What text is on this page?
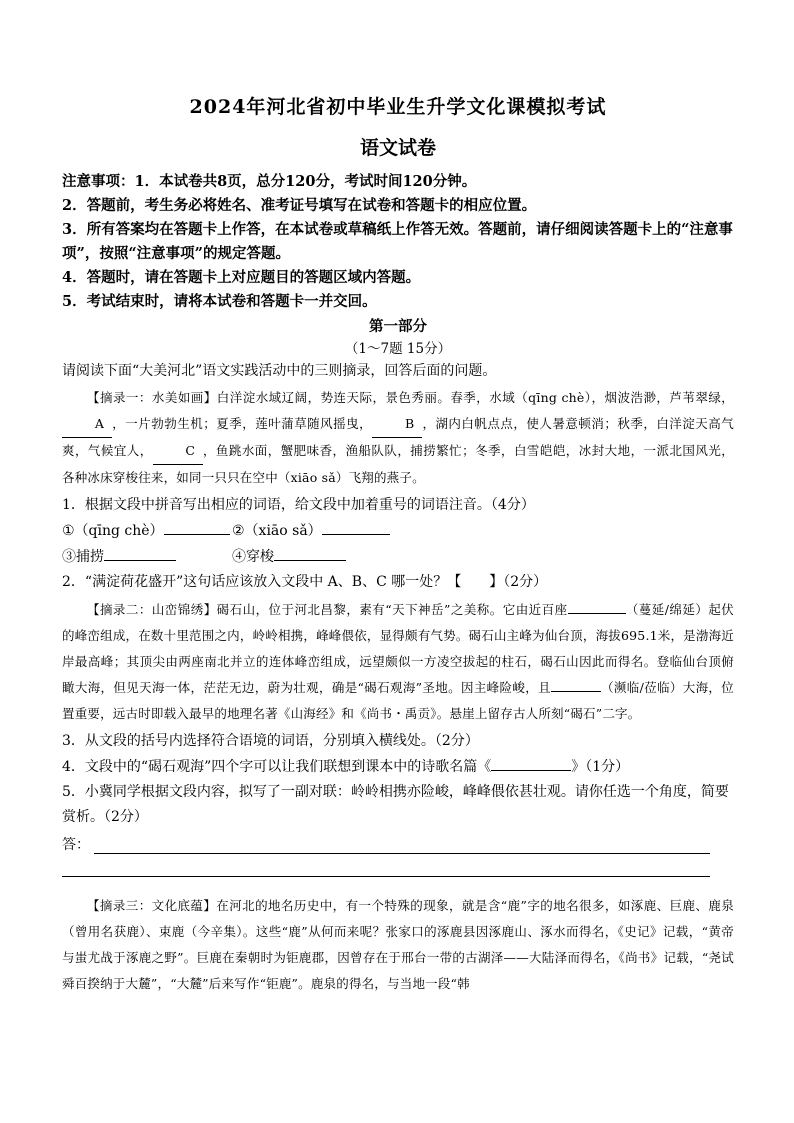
2024年河北省初中毕业生升学文化课模拟考试
语文试卷

注意事项：1．本试卷共8页，总分120分，考试时间120分钟。

2．答题前，考生务必将姓名、准考证号填写在试卷和答题卡的相应位置。

3．所有答案均在答题卡上作答，在本试卷或草稿纸上作答无效。答题前，请仔细阅读答题卡上的“注意事项”，按照“注意事项”的规定答题。

4．答题时，请在答题卡上对应题目的答题区域内答题。

5．考试结束时，请将本试卷和答题卡一并交回。

第一部分
（1～7题 15分）

请阅读下面“大美河北”语文实践活动中的三则摘录，回答后面的问题。

【摘录一：水美如画】白洋淀水域辽阔，势连天际，景色秀丽。春季，水域（qīng chè），烟波浩渺，芦苇翠绿，A ，一片勃勃生机；夏季，莲叶蒲草随风摇曳，	B ，湖内白帆点点，使人暑意顿消；秋季，白洋淀天高气爽，气候宜人，	C ，鱼跳水面，蟹肥味香，渔船队队，捕捞繁忙；冬季，白雪皑皑，冰封大地，一派北国风光，各种冰床穿梭往来，如同一只只在空中（xiāo sǎ）飞翔的燕子。

1．根据文段中拼音写出相应的词语，给文段中加着重号的词语注音。（4分）

①（qīng chè）	②（xiāo sǎ）
③捕捞	④穿梭

2．“满淀荷花盛开”这句话应该放入文段中 A、B、C 哪一处？【　　】（2分）

【摘录二：山峦锦绣】碣石山，位于河北昌黎，素有“天下神岳”之美称。它由近百座	（蔓延/绵延）起伏的峰峦组成，在数十里范围之内，岭岭相携，峰峰偎依，显得颇有气势。碣石山主峰为仙台顶，海拔695.1米，是渤海近岸最高峰；其顶尖由两座南北并立的连体峰峦组成，远望颇似一方凌空拔起的柱石，碣石山因此而得名。登临仙台顶俯瞰大海，但见天海一体，茫茫无边，蔚为壮观，确是“碣石观海”圣地。因主峰险峻，且	（濒临/莅临）大海，位置重要，远古时即载入最早的地理名著《山海经》和《尚书・禹贡》。悬崖上留存古人所刻“碣石”二字。

3．从文段的括号内选择符合语境的词语，分别填入横线处。（2分）

4．文段中的“碣石观海”四个字可以让我们联想到课本中的诗歌名篇《	》（1分）

5．小冀同学根据文段内容，拟写了一副对联：岭岭相携亦险峻，峰峰偎依甚壮观。请你任选一个角度，简要赏析。（2分）

答：

【摘录三：文化底蕴】在河北的地名历史中，有一个特殊的现象，就是含“鹿”字的地名很多，如涿鹿、巨鹿、鹿泉（曾用名获鹿）、束鹿（今辛集）。这些“鹿”从何而来呢？张家口的涿鹿县因涿鹿山、涿水而得名，《史记》记载，“黄帝与蚩尤战于涿鹿之野”。巨鹿在秦朝时为钜鹿郡，因曾存在于邢台一带的古湖泽——大陆泽而得名，《尚书》记载，“尧试舜百揆纳于大麓”，“大麓”后来写作“钜鹿”。鹿泉的得名，与当地一段“韩
